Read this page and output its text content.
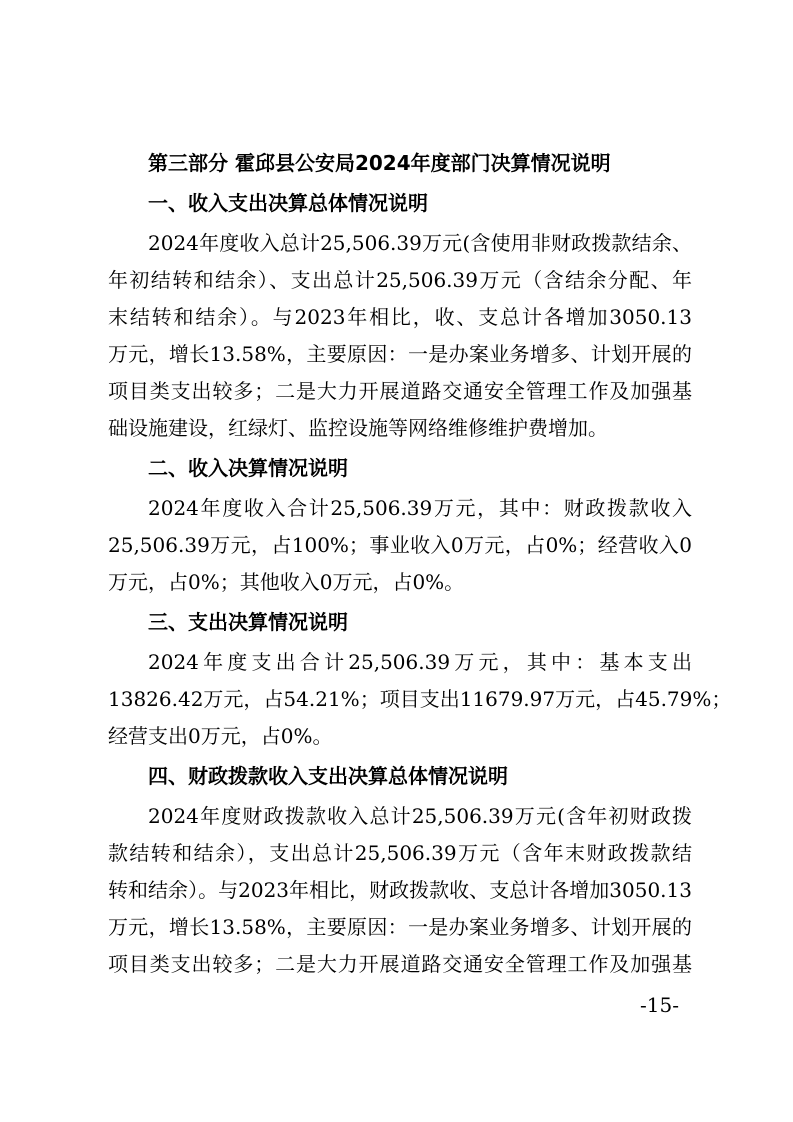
第三部分 霍邱县公安局2024年度部门决算情况说明
一、收入支出决算总体情况说明
2024年度收入总计25,506.39万元(含使用非财政拨款结余、
年初结转和结余）、支出总计25,506.39万元（含结余分配、年
末结转和结余）。与2023年相比，收、支总计各增加3050.13
万元，增长13.58%，主要原因：一是办案业务增多、计划开展的
项目类支出较多；二是大力开展道路交通安全管理工作及加强基
础设施建设，红绿灯、监控设施等网络维修维护费增加。
二、收入决算情况说明
2024年度收入合计25,506.39万元，其中：财政拨款收入
25,506.39万元，占100%；事业收入0万元，占0%；经营收入0
万元，占0%；其他收入0万元，占0%。
三、支出决算情况说明
2024年度支出合计25,506.39万元，其中：基本支出
13826.42万元，占54.21%；项目支出11679.97万元，占45.79%；
经营支出0万元，占0%。
四、财政拨款收入支出决算总体情况说明
2024年度财政拨款收入总计25,506.39万元(含年初财政拨
款结转和结余），支出总计25,506.39万元（含年末财政拨款结
转和结余）。与2023年相比，财政拨款收、支总计各增加3050.13
万元，增长13.58%，主要原因：一是办案业务增多、计划开展的
项目类支出较多；二是大力开展道路交通安全管理工作及加强基
-15-
